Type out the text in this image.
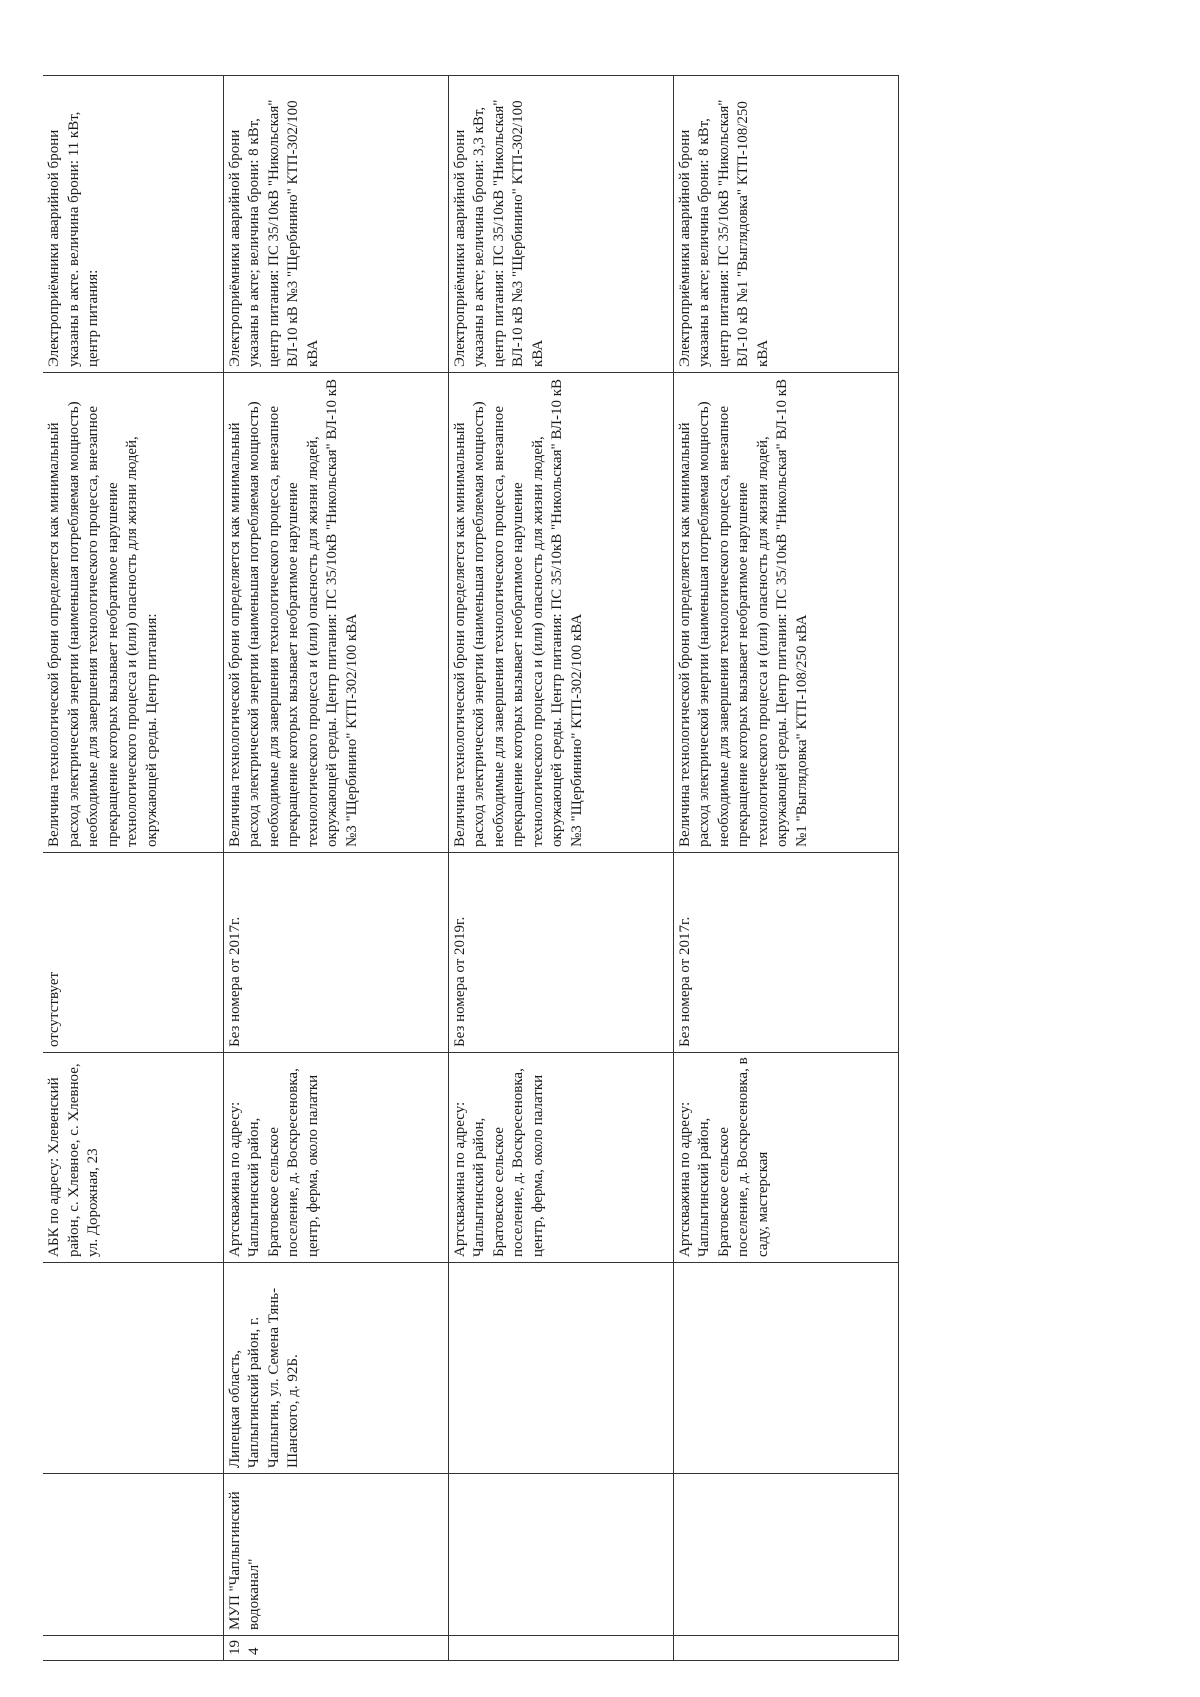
			АБК по адресу: Хлевенский район, с. Хлевное, с. Хлевное, ул. Дорожная, 23	отсутствует	Величина технологической брони определяется как минимальный расход электрической энергии (наименьшая потребляемая мощность) необходимые для завершения технологического процесса, внезапное прекращение которых вызывает необратимое нарушение технологического процесса и (или) опасность для жизни людей, окружающей среды. Центр питания:	Электроприёмники аварийной брони указаны в акте. величина брони: 11 кВт, центр питания:

194	МУП "Чаплыгинский водоканал"	Липецкая область, Чаплыгинский район, г. Чаплыгин, ул. Семена Тянь-Шанского, д. 92Б.	Артскважина по адресу: Чаплыгинский район, Братовское сельское поселение, д. Воскресеновка, центр, ферма, около палатки	Без номера от 2017г.	Величина технологической брони определяется как минимальный расход электрической энергии (наименьшая потребляемая мощность) необходимые для завершения технологического процесса, внезапное прекращение которых вызывает необратимое нарушение технологического процесса и (или) опасность для жизни людей, окружающей среды. Центр питания: ПС 35/10кВ "Никольская" ВЛ-10 кВ №3 "Щербинино" КТП-302/100 кВА	Электроприёмники аварийной брони указаны в акте; величина брони: 8 кВт, центр питания: ПС 35/10кВ "Никольская" ВЛ-10 кВ №3 "Щербинино" КТП-302/100 кВА

			Артскважина по адресу: Чаплыгинский район, Братовское сельское поселение, д. Воскресеновка, центр, ферма, около палатки	Без номера от 2019г.	Величина технологической брони определяется как минимальный расход электрической энергии (наименьшая потребляемая мощность) необходимые для завершения технологического процесса, внезапное прекращение которых вызывает необратимое нарушение технологического процесса и (или) опасность для жизни людей, окружающей среды. Центр питания: ПС 35/10кВ "Никольская" ВЛ-10 кВ №3 "Щербинино" КТП-302/100 кВА	Электроприёмники аварийной брони указаны в акте; величина брони: 3,3 кВт, центр питания: ПС 35/10кВ "Никольская" ВЛ-10 кВ №3 "Щербинино" КТП-302/100 кВА

			Артскважина по адресу: Чаплыгинский район, Братовское сельское поселение, д. Воскресеновка, в саду, мастерская	Без номера от 2017г.	Величина технологической брони определяется как минимальный расход электрической энергии (наименьшая потребляемая мощность) необходимые для завершения технологического процесса, внезапное прекращение которых вызывает необратимое нарушение технологического процесса и (или) опасность для жизни людей, окружающей среды. Центр питания: ПС 35/10кВ "Никольская" ВЛ-10 кВ №1 "Выглядовка" КТП-108/250 кВА	Электроприёмники аварийной брони указаны в акте; величина брони: 8 кВт, центр питания: ПС 35/10кВ "Никольская" ВЛ-10 кВ №1 "Выглядовка" КТП-108/250 кВА
